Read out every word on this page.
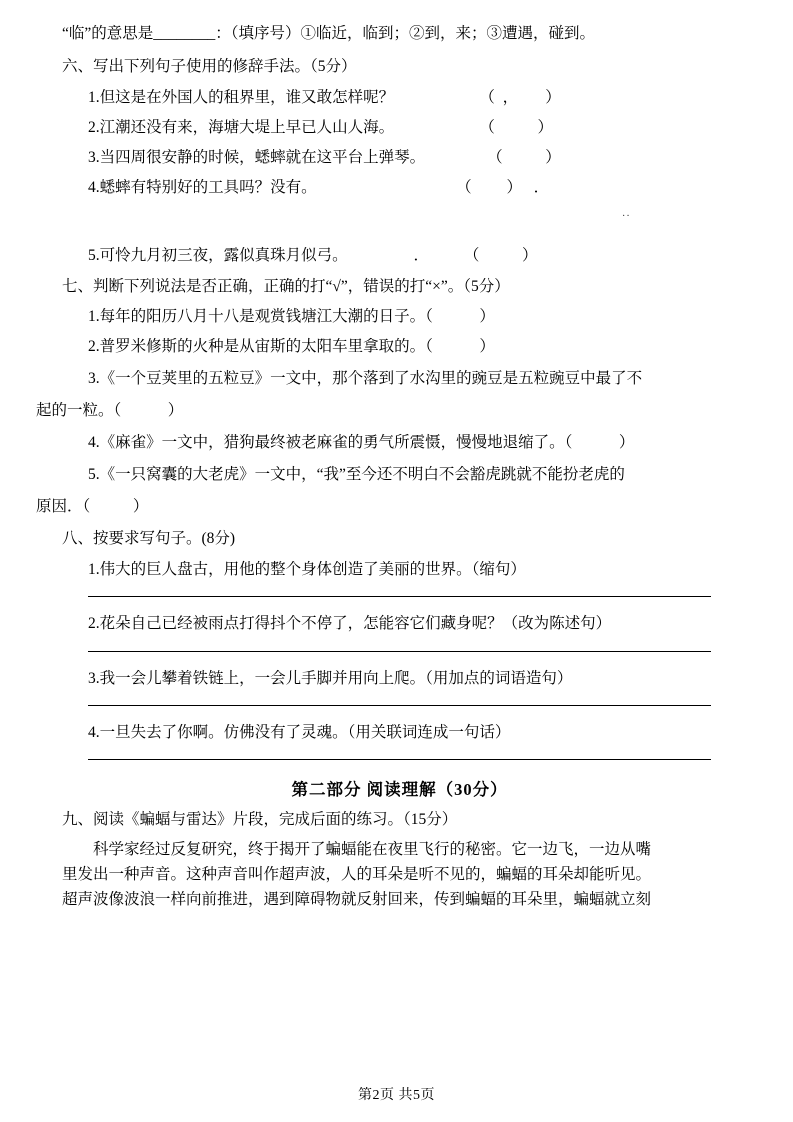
“临”的意思是________：（填序号）①临近，临到；②到，来；③遭遇，碰到。
六、写出下列句子使用的修辞手法。（5分）
1.但这是在外国人的租界里，谁又敢怎样呢？                      （  ，       ）
2.江潮还没有来，海塘大堤上早已人山人海。                      （           ）
3.当四周很安静的时候，蟋蟀就在这平台上弹琴。                （           ）
4.蟋蟀有特别好的工具吗？没有。                                    （         ）   ．
··
5.可怜九月初三夜，露似真珠月似弓。                 ．         （           ）
七、判断下列说法是否正确，正确的打“√”，错误的打“×”。（5分）
1.每年的阳历八月十八是观赏钱塘江大潮的日子。（            ）
2.普罗米修斯的火种是从宙斯的太阳车里拿取的。（            ）
3.《一个豆荚里的五粒豆》一文中，那个落到了水沟里的豌豆是五粒豌豆中最了不
起的一粒。（            ）
4.《麻雀》一文中，猎狗最终被老麻雀的勇气所震慑，慢慢地退缩了。（            ）
5.《一只窝囊的大老虎》一文中，“我”至今还不明白不会豁虎跳就不能扮老虎的
原因．（           ）
八、按要求写句子。(8分)
1.伟大的巨人盘古，用他的整个身体创造了美丽的世界。（缩句）
2.花朵自己已经被雨点打得抖个不停了，怎能容它们藏身呢？（改为陈述句）
3.我一会儿攀着铁链上，一会儿手脚并用向上爬。（用加点的词语造句）
4.一旦失去了你啊。仿佛没有了灵魂。（用关联词连成一句话）
第二部分 阅读理解（30分）
九、阅读《蝙蝠与雷达》片段，完成后面的练习。（15分）
科学家经过反复研究，终于揭开了蝙蝠能在夜里飞行的秘密。它一边飞，一边从嘴
里发出一种声音。这种声音叫作超声波，人的耳朵是听不见的，蝙蝠的耳朵却能听见。
超声波像波浪一样向前推进，遇到障碍物就反射回来，传到蝙蝠的耳朵里，蝙蝠就立刻
第2页 共5页
